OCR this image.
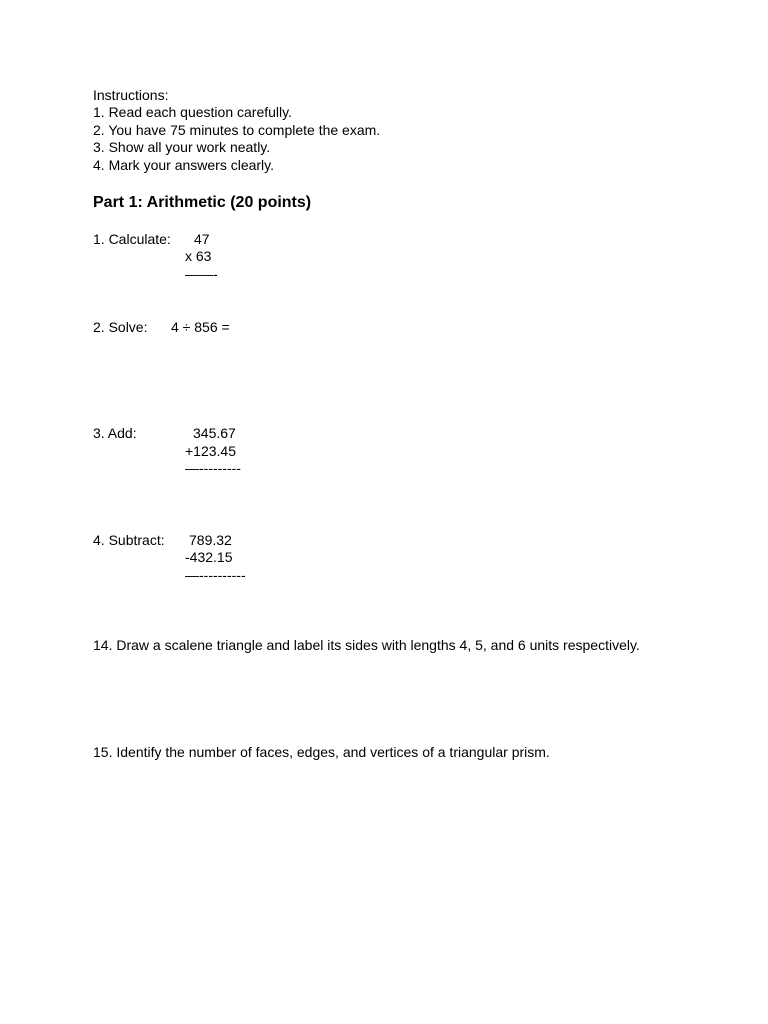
Instructions:
1. Read each question carefully.
2. You have 75 minutes to complete the exam.
3. Show all your work neatly.
4. Mark your answers clearly.
Part 1: Arithmetic (20 points)
1. Calculate: 47
x 63
——-
2. Solve: 4 ÷ 856 =
3. Add:	345.67
+123.45
—---------
4. Subtract: 789.32
-432.15
—----------
14. Draw a scalene triangle and label its sides with lengths 4, 5, and 6 units respectively.
15. Identify the number of faces, edges, and vertices of a triangular prism.
